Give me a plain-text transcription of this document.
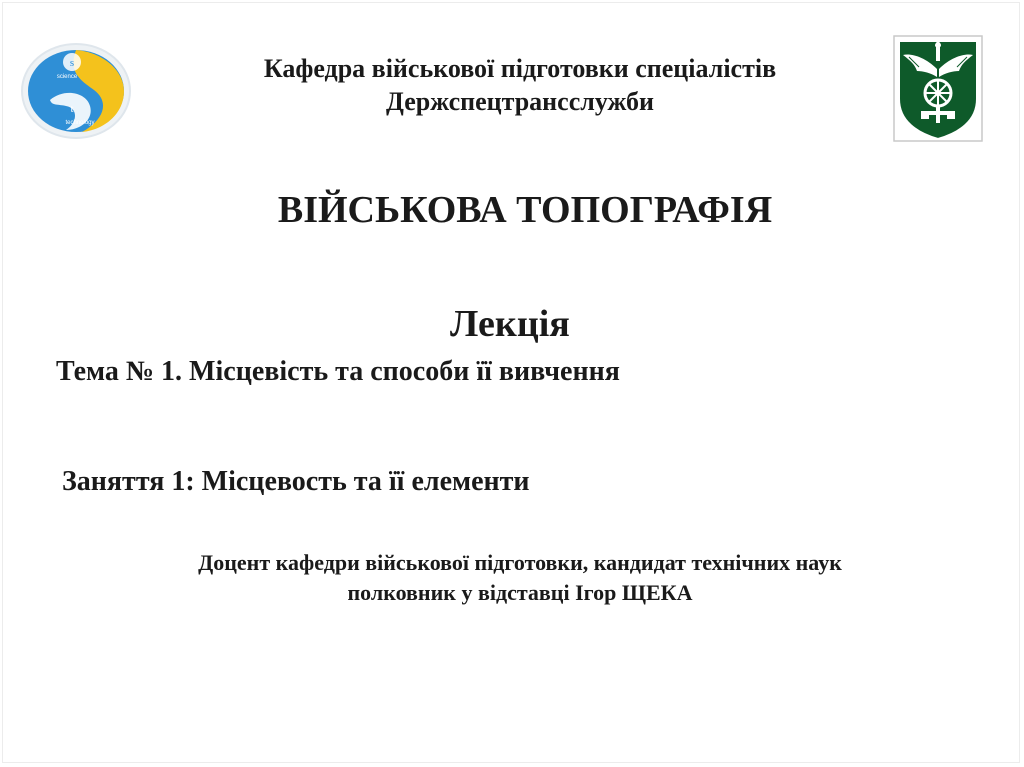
s
science
t
technology
Кафедра військової підготовки спеціалістів
Держспецтрансслужби
ВІЙСЬКОВА ТОПОГРАФІЯ
Лекція
Тема № 1. Місцевість та способи її вивчення
Заняття 1: Місцевость та її елементи
Доцент кафедри військової підготовки, кандидат технічних наук
полковник у відставці Ігор ЩЕКА
